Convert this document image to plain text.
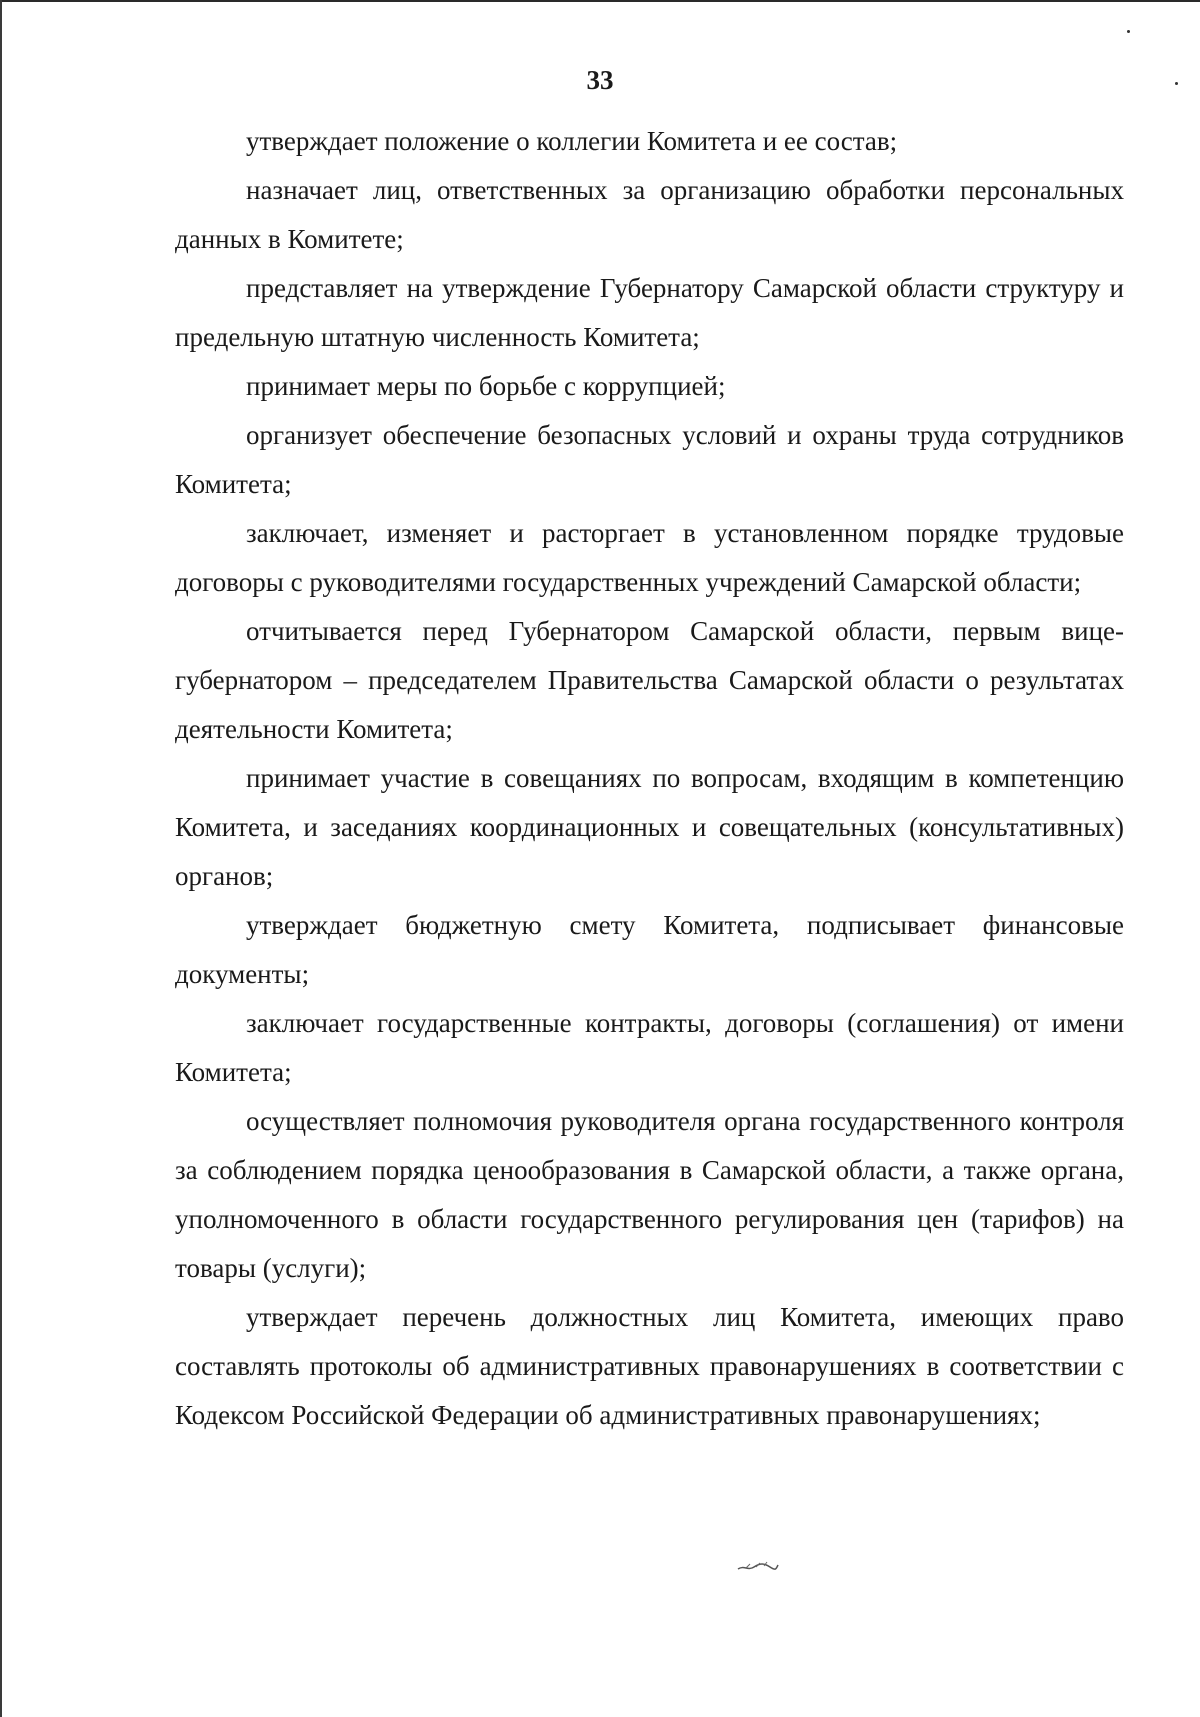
33

утверждает положение о коллегии Комитета и ее состав;

назначает лиц, ответственных за организацию обработки персональных данных в Комитете;

представляет на утверждение Губернатору Самарской области структуру и предельную штатную численность Комитета;

принимает меры по борьбе с коррупцией;

организует обеспечение безопасных условий и охраны труда сотрудников Комитета;

заключает, изменяет и расторгает в установленном порядке трудовые договоры с руководителями государственных учреждений Самарской области;

отчитывается перед Губернатором Самарской области, первым вице-губернатором – председателем Правительства Самарской области о результатах деятельности Комитета;

принимает участие в совещаниях по вопросам, входящим в компетенцию Комитета, и заседаниях координационных и совещательных (консультативных) органов;

утверждает бюджетную смету Комитета, подписывает финансовые документы;

заключает государственные контракты, договоры (соглашения) от имени Комитета;

осуществляет полномочия руководителя органа государственного контроля за соблюдением порядка ценообразования в Самарской области, а также органа, уполномоченного в области государственного регулирования цен (тарифов) на товары (услуги);

утверждает перечень должностных лиц Комитета, имеющих право составлять протоколы об административных правонарушениях в соответствии с Кодексом Российской Федерации об административных правонарушениях;
